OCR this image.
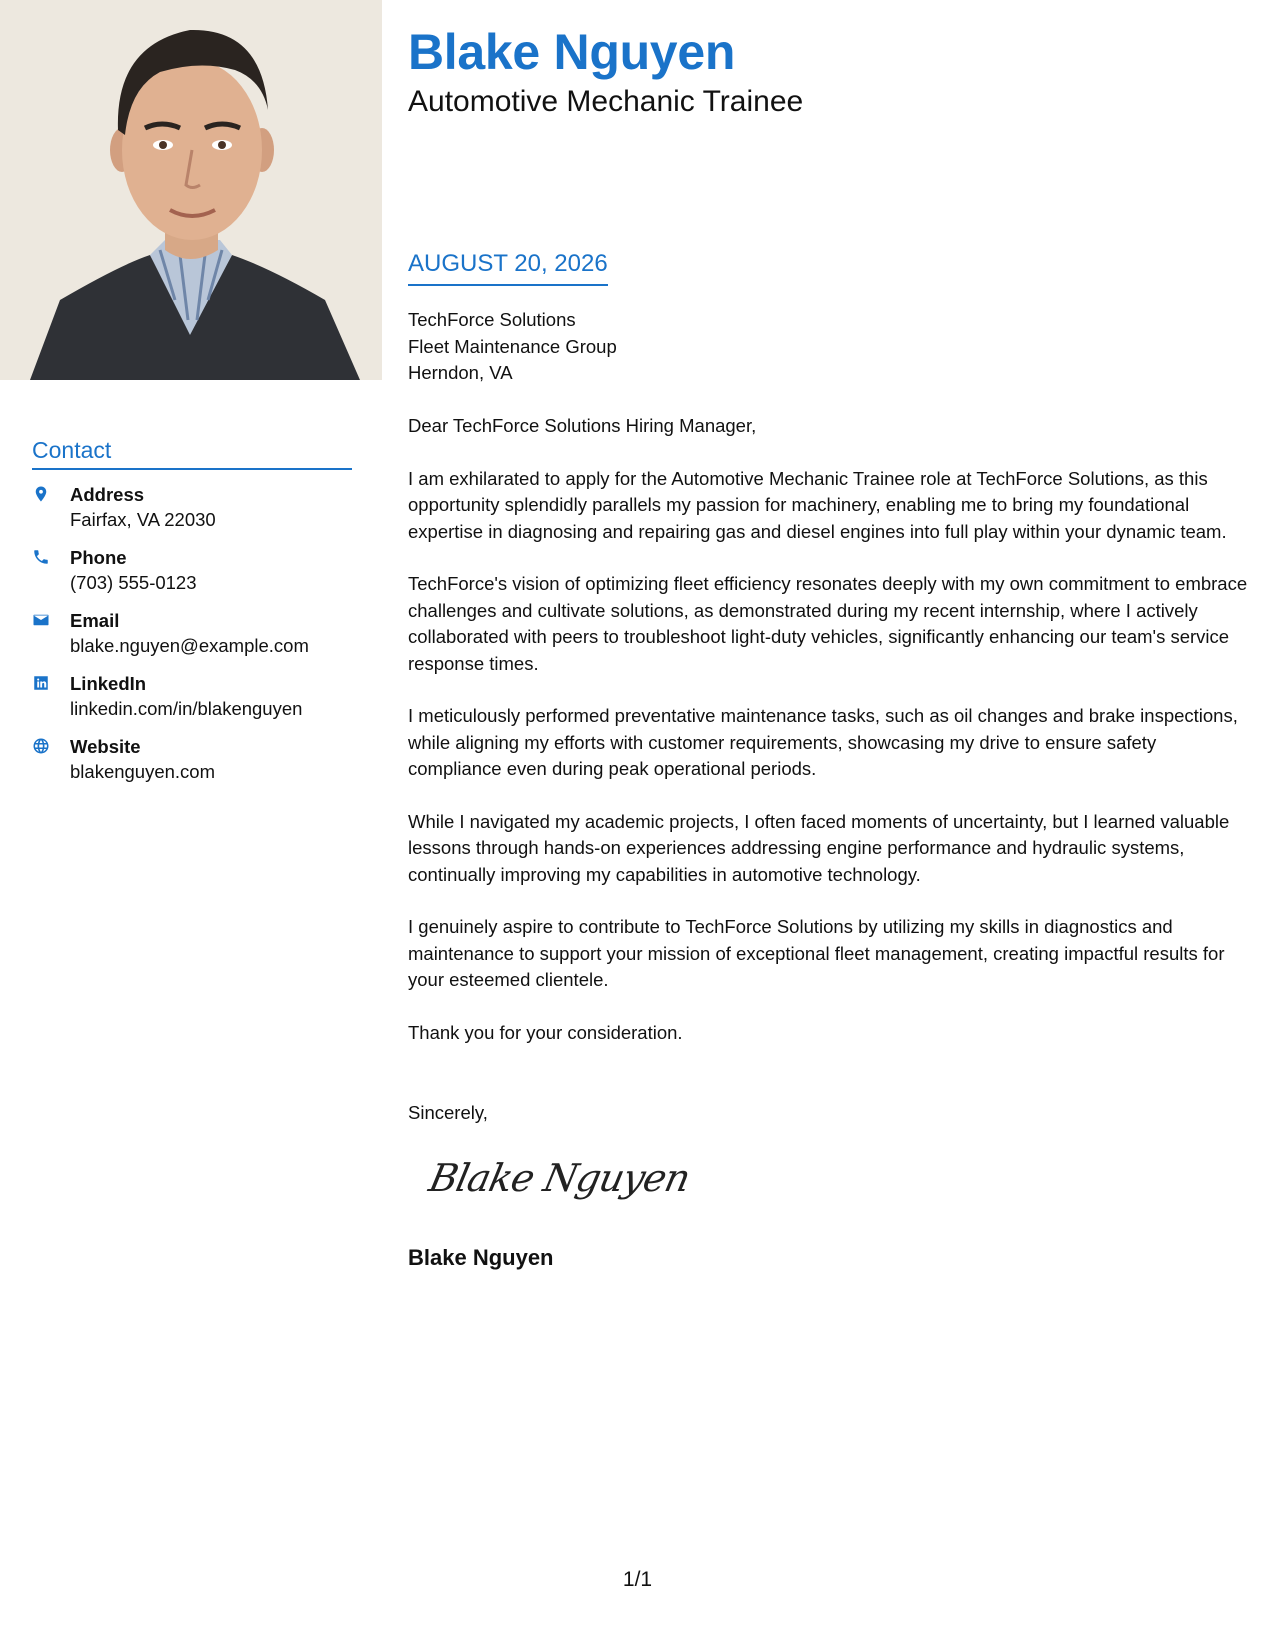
Contact
Address
Fairfax, VA 22030
Phone
(703) 555-0123
Email
blake.nguyen@example.com
LinkedIn
linkedin.com/in/blakenguyen
Website
blakenguyen.com
Blake Nguyen
Automotive Mechanic Trainee
AUGUST 20, 2026
TechForce Solutions
Fleet Maintenance Group
Herndon, VA

Dear TechForce Solutions Hiring Manager,

I am exhilarated to apply for the Automotive Mechanic Trainee role at TechForce Solutions, as this opportunity splendidly parallels my passion for machinery, enabling me to bring my foundational expertise in diagnosing and repairing gas and diesel engines into full play within your dynamic team.

TechForce's vision of optimizing fleet efficiency resonates deeply with my own commitment to embrace challenges and cultivate solutions, as demonstrated during my recent internship, where I actively collaborated with peers to troubleshoot light-duty vehicles, significantly enhancing our team's service response times.

I meticulously performed preventative maintenance tasks, such as oil changes and brake inspections, while aligning my efforts with customer requirements, showcasing my drive to ensure safety compliance even during peak operational periods.

While I navigated my academic projects, I often faced moments of uncertainty, but I learned valuable lessons through hands-on experiences addressing engine performance and hydraulic systems, continually improving my capabilities in automotive technology.

I genuinely aspire to contribute to TechForce Solutions by utilizing my skills in diagnostics and maintenance to support your mission of exceptional fleet management, creating impactful results for your esteemed clientele.

Thank you for your consideration.

Sincerely,
Blake Nguyen
Blake Nguyen
1/1
